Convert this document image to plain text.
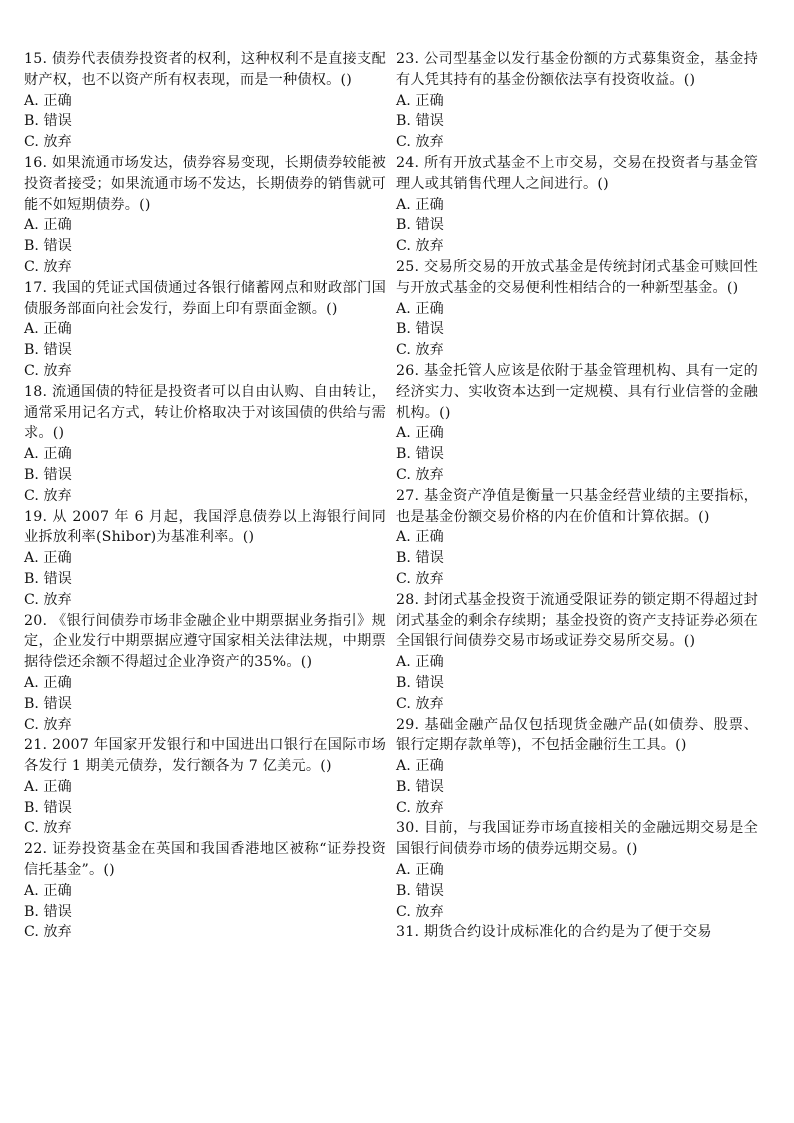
15. 债券代表债券投资者的权利，这种权利不是直接支配财产权，也不以资产所有权表现，而是一种债权。()

A. 正确
B. 错误
C. 放弃

16. 如果流通市场发达，债券容易变现，长期债券较能被投资者接受；如果流通市场不发达，长期债券的销售就可能不如短期债券。()

A. 正确
B. 错误
C. 放弃

17. 我国的凭证式国债通过各银行储蓄网点和财政部门国债服务部面向社会发行，券面上印有票面金额。()

A. 正确
B. 错误
C. 放弃

18. 流通国债的特征是投资者可以自由认购、自由转让，通常采用记名方式，转让价格取决于对该国债的供给与需求。()

A. 正确
B. 错误
C. 放弃

19. 从 2007 年 6 月起，我国浮息债券以上海银行间同业拆放利率(Shibor)为基准利率。()

A. 正确
B. 错误
C. 放弃

20. 《银行间债券市场非金融企业中期票据业务指引》规定，企业发行中期票据应遵守国家相关法律法规，中期票据待偿还余额不得超过企业净资产的35%。()

A. 正确
B. 错误
C. 放弃

21. 2007 年国家开发银行和中国进出口银行在国际市场各发行 1 期美元债券，发行额各为 7 亿美元。()

A. 正确
B. 错误
C. 放弃

22. 证券投资基金在英国和我国香港地区被称“证券投资信托基金”。()

A. 正确
B. 错误
C. 放弃

23. 公司型基金以发行基金份额的方式募集资金，基金持有人凭其持有的基金份额依法享有投资收益。()

A. 正确
B. 错误
C. 放弃

24. 所有开放式基金不上市交易，交易在投资者与基金管理人或其销售代理人之间进行。()

A. 正确
B. 错误
C. 放弃

25. 交易所交易的开放式基金是传统封闭式基金可赎回性与开放式基金的交易便利性相结合的一种新型基金。()

A. 正确
B. 错误
C. 放弃

26. 基金托管人应该是依附于基金管理机构、具有一定的经济实力、实收资本达到一定规模、具有行业信誉的金融机构。()

A. 正确
B. 错误
C. 放弃

27. 基金资产净值是衡量一只基金经营业绩的主要指标，也是基金份额交易价格的内在价值和计算依据。()

A. 正确
B. 错误
C. 放弃

28. 封闭式基金投资于流通受限证券的锁定期不得超过封闭式基金的剩余存续期；基金投资的资产支持证券必须在全国银行间债券交易市场或证券交易所交易。()

A. 正确
B. 错误
C. 放弃

29. 基础金融产品仅包括现货金融产品(如债券、股票、银行定期存款单等)，不包括金融衍生工具。()

A. 正确
B. 错误
C. 放弃

30. 目前，与我国证券市场直接相关的金融远期交易是全国银行间债券市场的债券远期交易。()

A. 正确
B. 错误
C. 放弃

31. 期货合约设计成标准化的合约是为了便于交易
